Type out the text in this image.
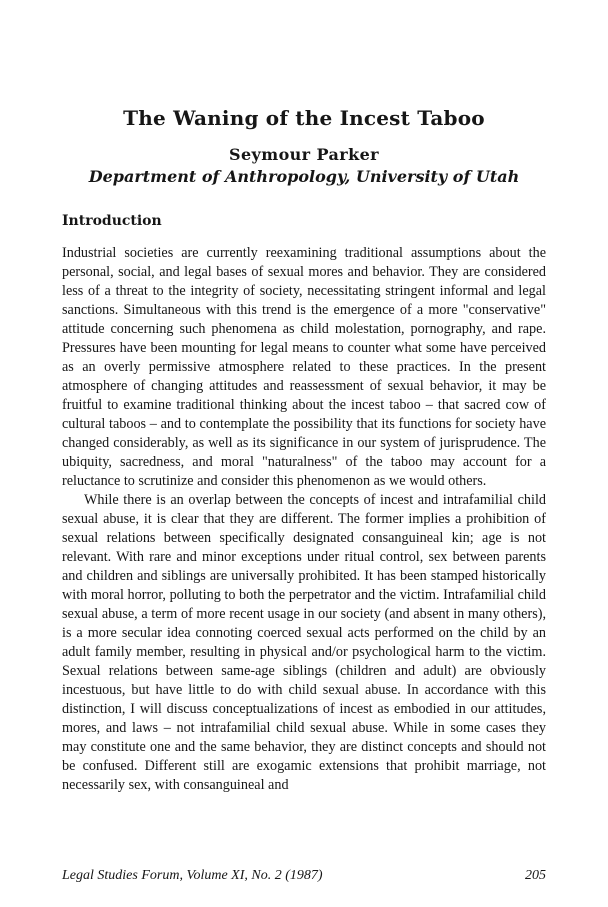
The Waning of the Incest Taboo
Seymour Parker
Department of Anthropology, University of Utah
Introduction

Industrial societies are currently reexamining traditional assumptions about the personal, social, and legal bases of sexual mores and behavior. They are considered less of a threat to the integrity of society, necessitating stringent informal and legal sanctions. Simultaneous with this trend is the emergence of a more "conservative" attitude concerning such phenomena as child molestation, pornography, and rape. Pressures have been mounting for legal means to counter what some have perceived as an overly permissive atmosphere related to these practices. In the present atmosphere of changing attitudes and reassessment of sexual behavior, it may be fruitful to examine traditional thinking about the incest taboo – that sacred cow of cultural taboos – and to contemplate the possibility that its functions for society have changed considerably, as well as its significance in our system of jurisprudence. The ubiquity, sacredness, and moral "naturalness" of the taboo may account for a reluctance to scrutinize and consider this phenomenon as we would others.

While there is an overlap between the concepts of incest and intrafamilial child sexual abuse, it is clear that they are different. The former implies a prohibition of sexual relations between specifically designated consanguineal kin; age is not relevant. With rare and minor exceptions under ritual control, sex between parents and children and siblings are universally prohibited. It has been stamped historically with moral horror, polluting to both the perpetrator and the victim. Intrafamilial child sexual abuse, a term of more recent usage in our society (and absent in many others), is a more secular idea connoting coerced sexual acts performed on the child by an adult family member, resulting in physical and/or psychological harm to the victim. Sexual relations between same-age siblings (children and adult) are obviously incestuous, but have little to do with child sexual abuse. In accordance with this distinction, I will discuss conceptualizations of incest as embodied in our attitudes, mores, and laws – not intrafamilial child sexual abuse. While in some cases they may constitute one and the same behavior, they are distinct concepts and should not be confused. Different still are exogamic extensions that prohibit marriage, not necessarily sex, with consanguineal and

Legal Studies Forum, Volume XI, No. 2 (1987)	205
